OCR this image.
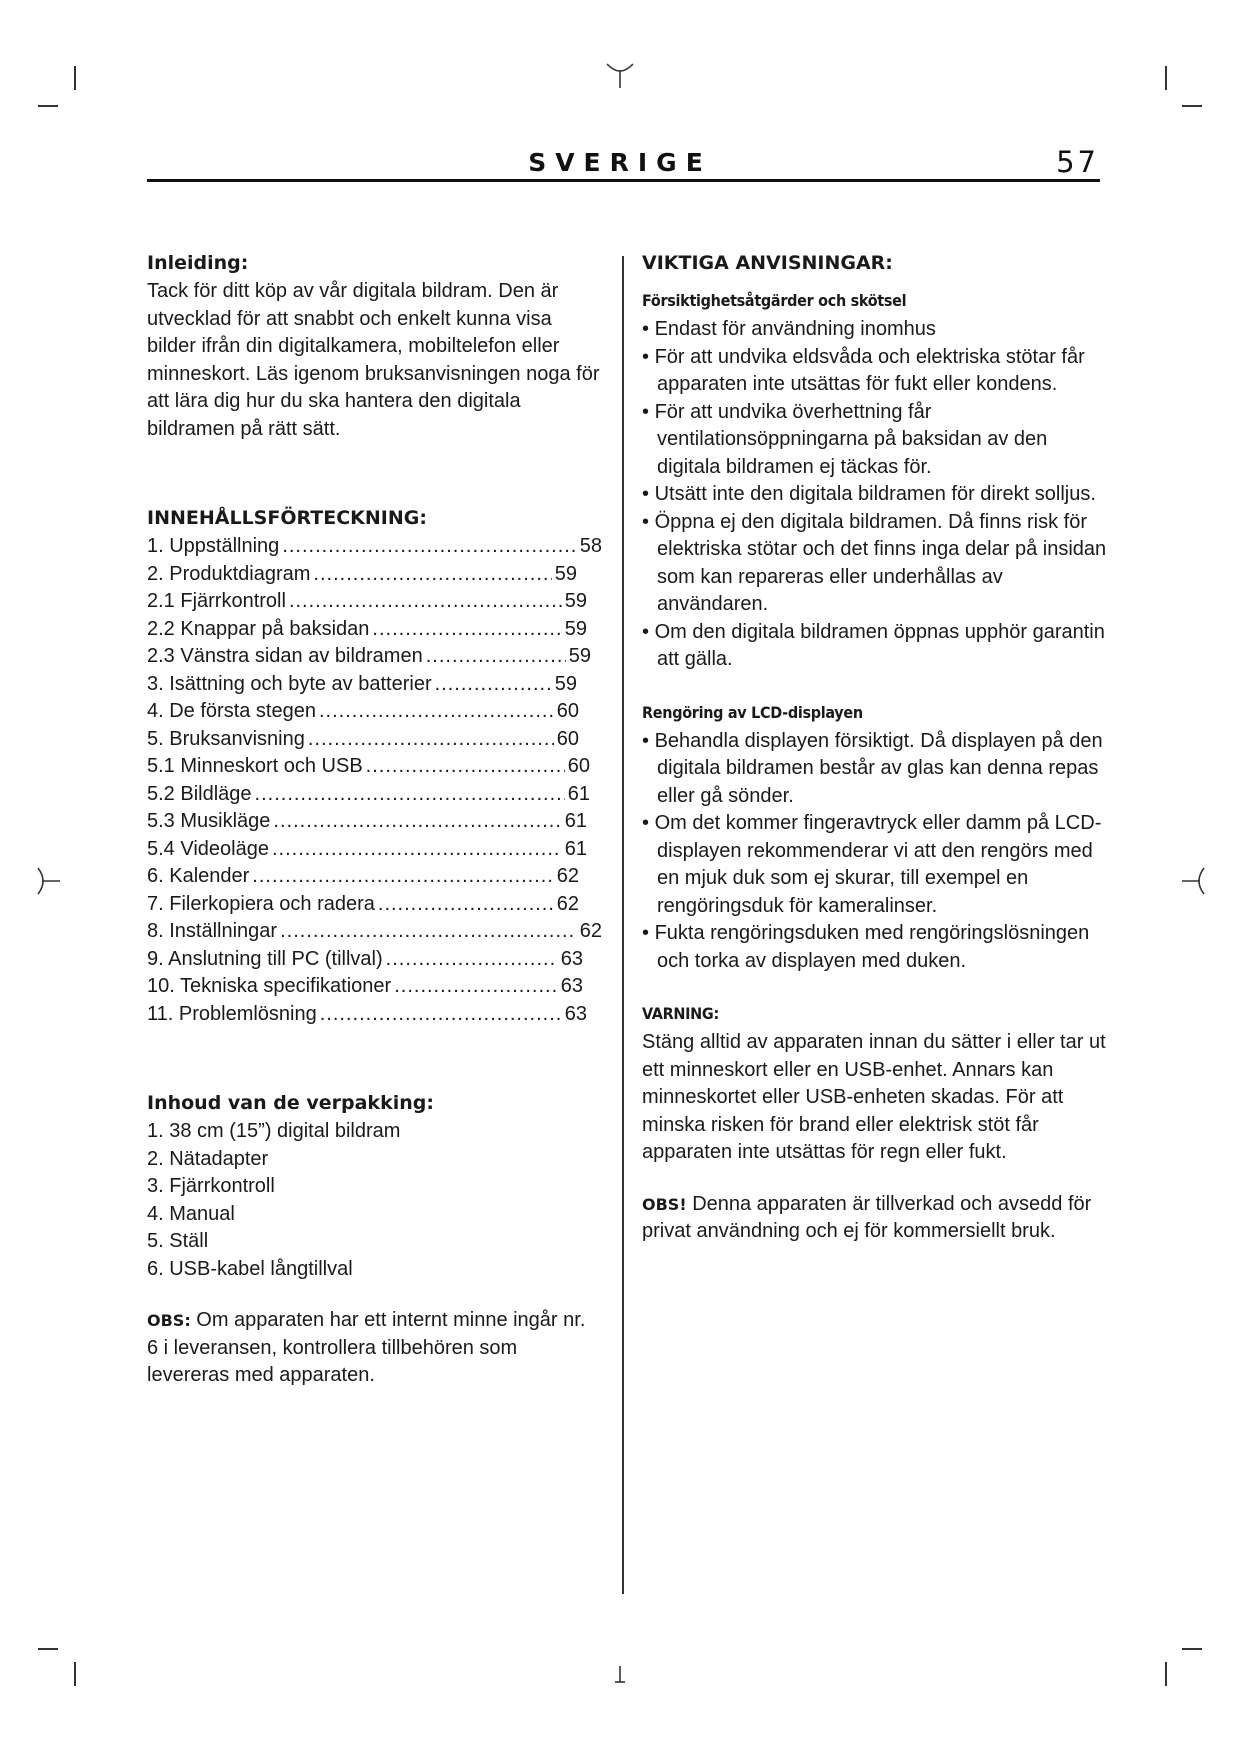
SVERIGE	57
Inleiding:

Tack för ditt köp av vår digitala bildram. Den är utvecklad för att snabbt och enkelt kunna visa bilder ifrån din digitalkamera, mobiltelefon eller minneskort. Läs igenom bruksanvisningen noga för att lära dig hur du ska hantera den digitala bildramen på rätt sätt.

INNEHÅLLSFÖRTECKNING:
1. Uppställning .....	58
2. Produktdiagram .....	59
2.1 Fjärrkontroll .....	59
2.2 Knappar på baksidan .....	59
2.3 Vänstra sidan av bildramen .....	59
3. Isättning och byte av batterier .....	59
4. De första stegen .....	60
5. Bruksanvisning .....	60
5.1 Minneskort och USB .....	60
5.2 Bildläge .....	61
5.3 Musikläge .....	61
5.4 Videoläge .....	61
6. Kalender .....	62
7. Filerkopiera och radera .....	62
8. Inställningar .....	62
9. Anslutning till PC (tillval) .....	63
10. Tekniska specifikationer .....	63
11. Problemlösning .....	63
Inhoud van de verpakking:
1. 38 cm (15”) digital bildram
2. Nätadapter
3. Fjärrkontroll
4. Manual
5. Ställ
6. USB-kabel långtillval

OBS: Om apparaten har ett internt minne ingår nr. 6 i leveransen, kontrollera tillbehören som levereras med apparaten.

VIKTIGA ANVISNINGAR:
Försiktighetsåtgärder och skötsel
• Endast för användning inomhus
• För att undvika eldsvåda och elektriska stötar får apparaten inte utsättas för fukt eller kondens.
• För att undvika överhettning får ventilationsöppningarna på baksidan av den digitala bildramen ej täckas för.
• Utsätt inte den digitala bildramen för direkt solljus.
• Öppna ej den digitala bildramen. Då finns risk för elektriska stötar och det finns inga delar på insidan som kan repareras eller underhållas av användaren.
• Om den digitala bildramen öppnas upphör garantin att gälla.
Rengöring av LCD-displayen
• Behandla displayen försiktigt. Då displayen på den digitala bildramen består av glas kan denna repas eller gå sönder.
• Om det kommer fingeravtryck eller damm på LCD-displayen rekommenderar vi att den rengörs med en mjuk duk som ej skurar, till exempel en rengöringsduk för kameralinser.
• Fukta rengöringsduken med rengöringslösningen och torka av displayen med duken.
VARNING:

Stäng alltid av apparaten innan du sätter i eller tar ut ett minneskort eller en USB-enhet. Annars kan minneskortet eller USB-enheten skadas. För att minska risken för brand eller elektrisk stöt får apparaten inte utsättas för regn eller fukt.

OBS! Denna apparaten är tillverkad och avsedd för privat användning och ej för kommersiellt bruk.
